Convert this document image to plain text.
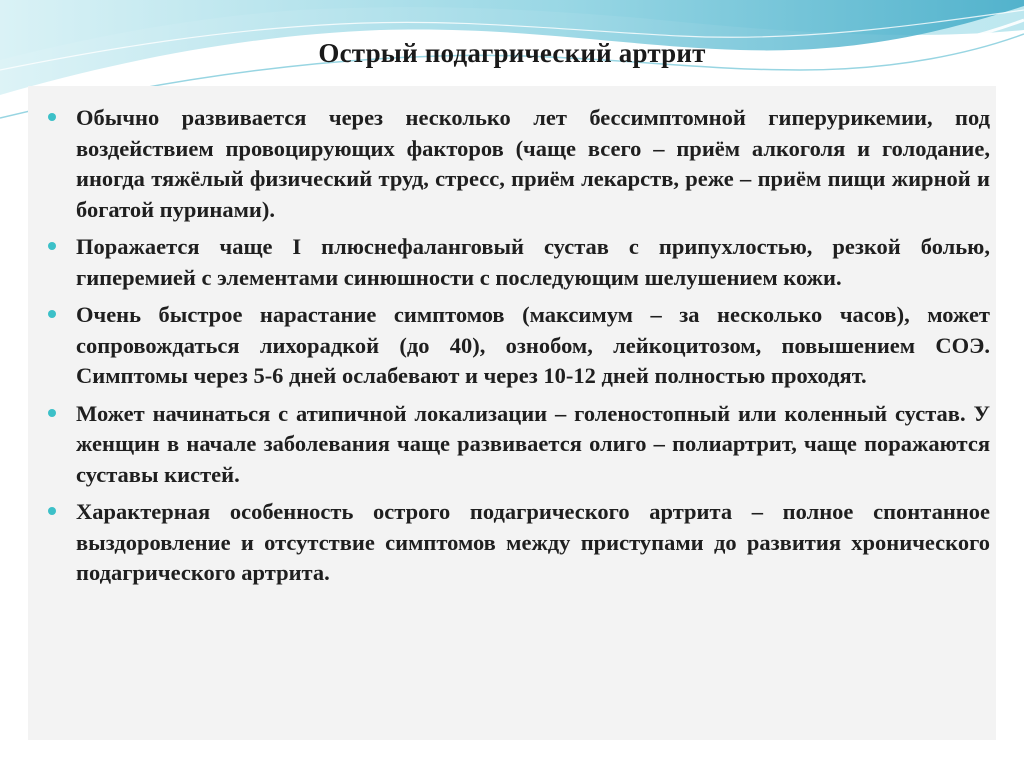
Острый подагрический артрит
Обычно развивается через несколько лет бессимптомной гиперурикемии, под воздействием провоцирующих факторов (чаще всего – приём алкоголя и голодание, иногда тяжёлый физический труд, стресс, приём лекарств, реже – приём пищи жирной и богатой пуринами).
Поражается чаще I плюснефаланговый сустав с припухлостью, резкой болью, гиперемией с элементами синюшности с последующим шелушением кожи.
Очень быстрое нарастание симптомов (максимум – за несколько часов), может сопровождаться лихорадкой (до 40), ознобом, лейкоцитозом, повышением СОЭ. Симптомы через 5-6 дней ослабевают и через 10-12 дней полностью проходят.
Может начинаться с атипичной локализации – голеностопный или коленный сустав. У женщин в начале заболевания чаще развивается олиго – полиартрит, чаще поражаются суставы кистей.
Характерная особенность острого подагрического артрита – полное спонтанное выздоровление и отсутствие симптомов между приступами до развития хронического подагрического артрита.
